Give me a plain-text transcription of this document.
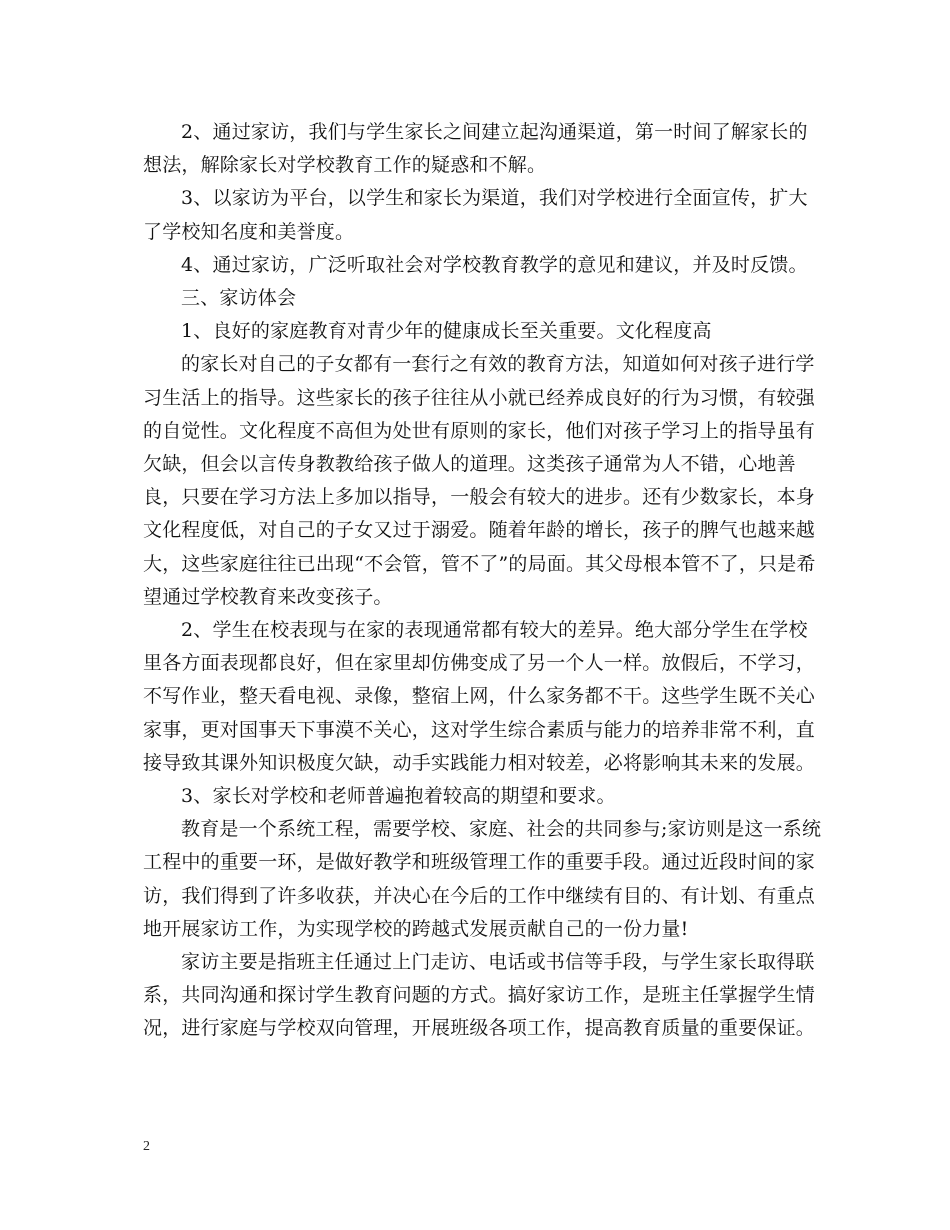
2、通过家访，我们与学生家长之间建立起沟通渠道，第一时间了解家长的想法，解除家长对学校教育工作的疑惑和不解。

3、以家访为平台，以学生和家长为渠道，我们对学校进行全面宣传，扩大了学校知名度和美誉度。

4、通过家访，广泛听取社会对学校教育教学的意见和建议，并及时反馈。

三、家访体会

1、良好的家庭教育对青少年的健康成长至关重要。文化程度高

的家长对自己的子女都有一套行之有效的教育方法，知道如何对孩子进行学习生活上的指导。这些家长的孩子往往从小就已经养成良好的行为习惯，有较强的自觉性。文化程度不高但为处世有原则的家长，他们对孩子学习上的指导虽有欠缺，但会以言传身教教给孩子做人的道理。这类孩子通常为人不错，心地善良，只要在学习方法上多加以指导，一般会有较大的进步。还有少数家长，本身文化程度低，对自己的子女又过于溺爱。随着年龄的增长，孩子的脾气也越来越大，这些家庭往往已出现“不会管，管不了”的局面。其父母根本管不了，只是希望通过学校教育来改变孩子。

2、学生在校表现与在家的表现通常都有较大的差异。绝大部分学生在学校里各方面表现都良好，但在家里却仿佛变成了另一个人一样。放假后，不学习，不写作业，整天看电视、录像，整宿上网，什么家务都不干。这些学生既不关心家事，更对国事天下事漠不关心，这对学生综合素质与能力的培养非常不利，直接导致其课外知识极度欠缺，动手实践能力相对较差，必将影响其未来的发展。

3、家长对学校和老师普遍抱着较高的期望和要求。

教育是一个系统工程，需要学校、家庭、社会的共同参与;家访则是这一系统工程中的重要一环，是做好教学和班级管理工作的重要手段。通过近段时间的家访，我们得到了许多收获，并决心在今后的工作中继续有目的、有计划、有重点地开展家访工作，为实现学校的跨越式发展贡献自己的一份力量!

家访主要是指班主任通过上门走访、电话或书信等手段，与学生家长取得联系，共同沟通和探讨学生教育问题的方式。搞好家访工作，是班主任掌握学生情况，进行家庭与学校双向管理，开展班级各项工作，提高教育质量的重要保证。

2
